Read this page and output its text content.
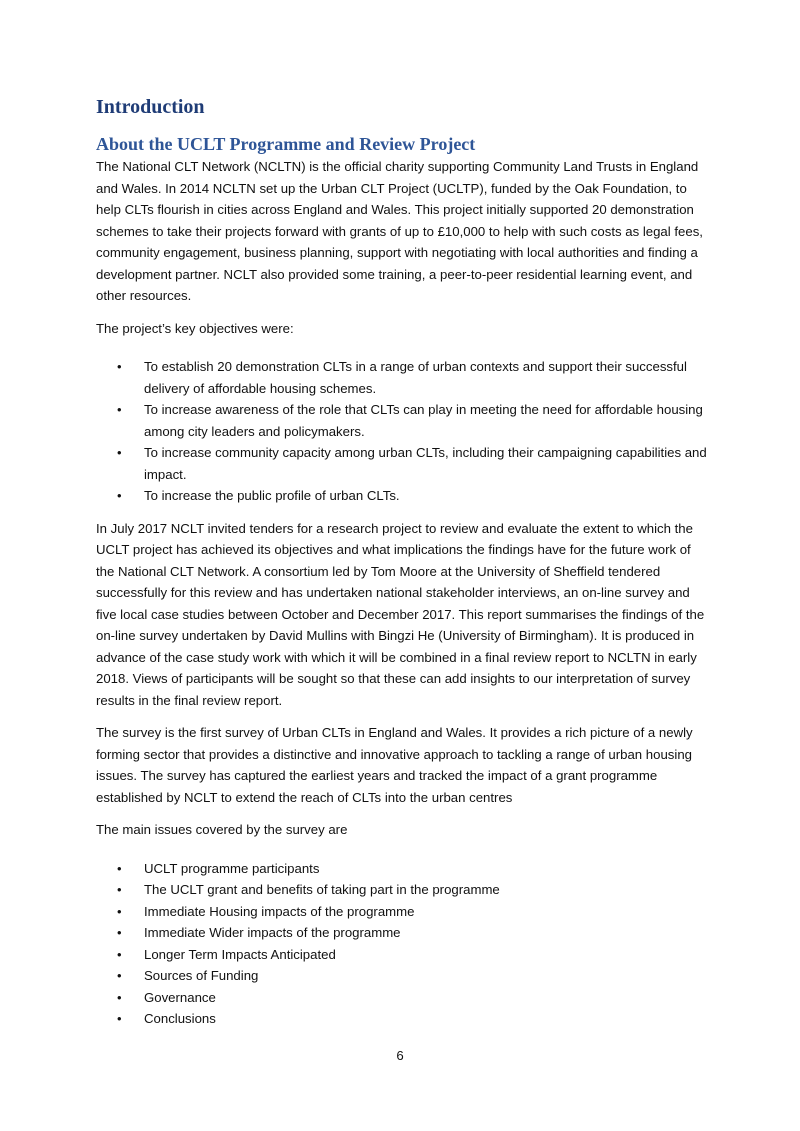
Introduction
About the UCLT Programme and Review Project

The National CLT Network (NCLTN) is the official charity supporting Community Land Trusts in England and Wales. In 2014 NCLTN set up the Urban CLT Project (UCLTP), funded by the Oak Foundation, to help CLTs flourish in cities across England and Wales. This project initially supported 20 demonstration schemes to take their projects forward with grants of up to £10,000 to help with such costs as legal fees, community engagement, business planning, support with negotiating with local authorities and finding a development partner. NCLT also provided some training, a peer-to-peer residential learning event, and other resources.

The project’s key objectives were:

• To establish 20 demonstration CLTs in a range of urban contexts and support their successful delivery of affordable housing schemes.
• To increase awareness of the role that CLTs can play in meeting the need for affordable housing among city leaders and policymakers.
• To increase community capacity among urban CLTs, including their campaigning capabilities and impact.
• To increase the public profile of urban CLTs.

In July 2017 NCLT invited tenders for a research project to review and evaluate the extent to which the UCLT project has achieved its objectives and what implications the findings have for the future work of the National CLT Network. A consortium led by Tom Moore at the University of Sheffield tendered successfully for this review and has undertaken national stakeholder interviews, an on-line survey and five local case studies between October and December 2017. This report summarises the findings of the on-line survey undertaken by David Mullins with Bingzi He (University of Birmingham). It is produced in advance of the case study work with which it will be combined in a final review report to NCLTN in early 2018. Views of participants will be sought so that these can add insights to our interpretation of survey results in the final review report.

The survey is the first survey of Urban CLTs in England and Wales. It provides a rich picture of a newly forming sector that provides a distinctive and innovative approach to tackling a range of urban housing issues. The survey has captured the earliest years and tracked the impact of a grant programme established by NCLT to extend the reach of CLTs into the urban centres

The main issues covered by the survey are

• UCLT programme participants
• The UCLT grant and benefits of taking part in the programme
• Immediate Housing impacts of the programme
• Immediate Wider impacts of the programme
• Longer Term Impacts Anticipated
• Sources of Funding
• Governance
• Conclusions
6
